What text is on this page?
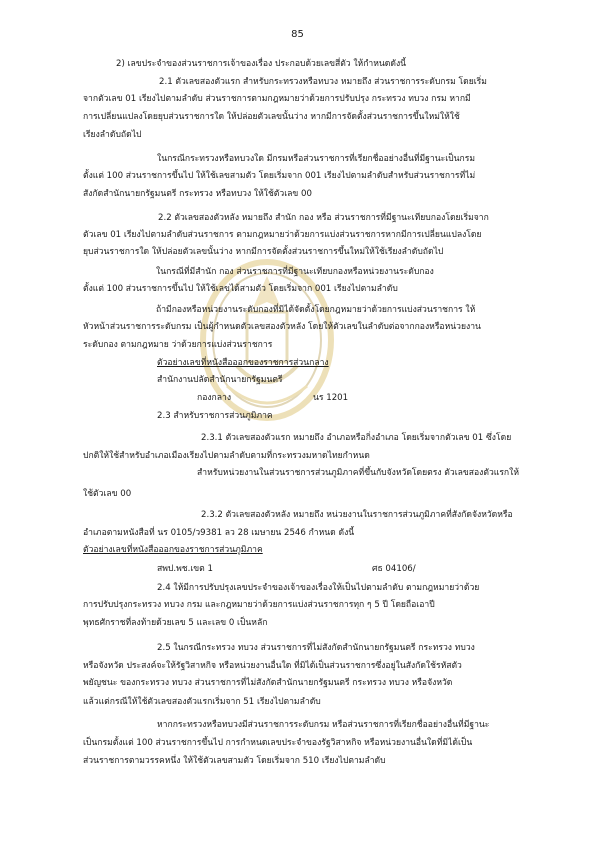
85
2) เลขประจำของส่วนราชการเจ้าของเรื่อง ประกอบด้วยเลขสี่ตัว ให้กำหนดดังนี้
2.1 ตัวเลขสองตัวแรก สำหรับกระทรวงหรือทบวง หมายถึง ส่วนราชการระดับกรม โดยเริ่ม
จากตัวเลข 01 เรียงไปตามลำดับ ส่วนราชการตามกฎหมายว่าด้วยการปรับปรุง กระทรวง ทบวง กรม หากมี
การเปลี่ยนแปลงโดยยุบส่วนราชการใด ให้ปล่อยตัวเลขนั้นว่าง หากมีการจัดตั้งส่วนราชการขึ้นใหม่ให้ใช้
เรียงลำดับถัดไป
ในกรณีกระทรวงหรือทบวงใด มีกรมหรือส่วนราชการที่เรียกชื่ออย่างอื่นที่มีฐานะเป็นกรม
ตั้งแต่ 100 ส่วนราชการขึ้นไป ให้ใช้เลขสามตัว โดยเริ่มจาก 001 เรียงไปตามลำดับสำหรับส่วนราชการที่ไม่
สังกัดสำนักนายกรัฐมนตรี กระทรวง หรือทบวง ให้ใช้ตัวเลข 00
2.2 ตัวเลขสองตัวหลัง หมายถึง สำนัก กอง หรือ ส่วนราชการที่มีฐานะเทียบกองโดยเริ่มจาก
ตัวเลข 01 เรียงไปตามลำดับส่วนราชการ ตามกฎหมายว่าด้วยการแบ่งส่วนราชการหากมีการเปลี่ยนแปลงโดย
ยุบส่วนราชการใด ให้ปล่อยตัวเลขนั้นว่าง หากมีการจัดตั้งส่วนราชการขึ้นใหม่ให้ใช้เรียงลำดับถัดไป
ในกรณีที่มีสำนัก กอง ส่วนราชการที่มีฐานะเทียบกองหรือหน่วยงานระดับกอง
ตั้งแต่ 100 ส่วนราชการขึ้นไป ให้ใช้เลขได้สามตัว โดยเริ่มจาก 001 เรียงไปตามลำดับ
ถ้ามีกองหรือหน่วยงานระดับกองที่มิได้จัดตั้งโดยกฎหมายว่าด้วยการแบ่งส่วนราชการ ให้
หัวหน้าส่วนราชการระดับกรม เป็นผู้กำหนดตัวเลขสองตัวหลัง โดยให้ตัวเลขในลำดับต่อจากกองหรือหน่วยงาน
ระดับกอง ตามกฎหมาย ว่าด้วยการแบ่งส่วนราชการ
ตัวอย่างเลขที่หนังสือออกของราชการส่วนกลาง
สำนักงานปลัดสำนักนายกรัฐมนตรี
กองกลาง	นร 1201
2.3 สำหรับราชการส่วนภูมิภาค
2.3.1 ตัวเลขสองตัวแรก หมายถึง อำเภอหรือกิ่งอำเภอ โดยเริ่มจากตัวเลข 01 ซึ่งโดย
ปกติให้ใช้สำหรับอำเภอเมืองเรียงไปตามลำดับตามที่กระทรวงมหาดไทยกำหนด
สำหรับหน่วยงานในส่วนราชการส่วนภูมิภาคที่ขึ้นกับจังหวัดโดยตรง ตัวเลขสองตัวแรกให้
ใช้ตัวเลข 00
2.3.2 ตัวเลขสองตัวหลัง หมายถึง หน่วยงานในราชการส่วนภูมิภาคที่สังกัดจังหวัดหรือ
อำเภอตามหนังสือที่ นร 0105/ว9381 ลว 28 เมษายน 2546 กำหนด ดังนี้
ตัวอย่างเลขที่หนังสือออกของราชการส่วนภูมิภาค
สพป.พช.เขต 1	ศธ 04106/
2.4 ให้มีการปรับปรุงเลขประจำของเจ้าของเรื่องให้เป็นไปตามลำดับ ตามกฎหมายว่าด้วย
การปรับปรุงกระทรวง ทบวง กรม และกฎหมายว่าด้วยการแบ่งส่วนราชการทุก ๆ 5 ปี โดยถือเอาปี
พุทธศักราชที่ลงท้ายด้วยเลข 5 และเลข 0 เป็นหลัก
2.5 ในกรณีกระทรวง ทบวง ส่วนราชการที่ไม่สังกัดสำนักนายกรัฐมนตรี กระทรวง ทบวง
หรือจังหวัด ประสงค์จะให้รัฐวิสาหกิจ หรือหน่วยงานอื่นใด ที่มิได้เป็นส่วนราชการซึ่งอยู่ในสังกัดใช้รหัสตัว
พยัญชนะ ของกระทรวง ทบวง ส่วนราชการที่ไม่สังกัดสำนักนายกรัฐมนตรี กระทรวง ทบวง หรือจังหวัด
แล้วแต่กรณีให้ใช้ตัวเลขสองตัวแรกเริ่มจาก 51 เรียงไปตามลำดับ
หากกระทรวงหรือทบวงมีส่วนราชการระดับกรม หรือส่วนราชการที่เรียกชื่ออย่างอื่นที่มีฐานะ
เป็นกรมตั้งแต่ 100 ส่วนราชการขึ้นไป การกำหนดเลขประจำของรัฐวิสาหกิจ หรือหน่วยงานอื่นใดที่มิได้เป็น
ส่วนราชการตามวรรคหนึ่ง ให้ใช้ตัวเลขสามตัว โดยเริ่มจาก 510 เรียงไปตามลำดับ
